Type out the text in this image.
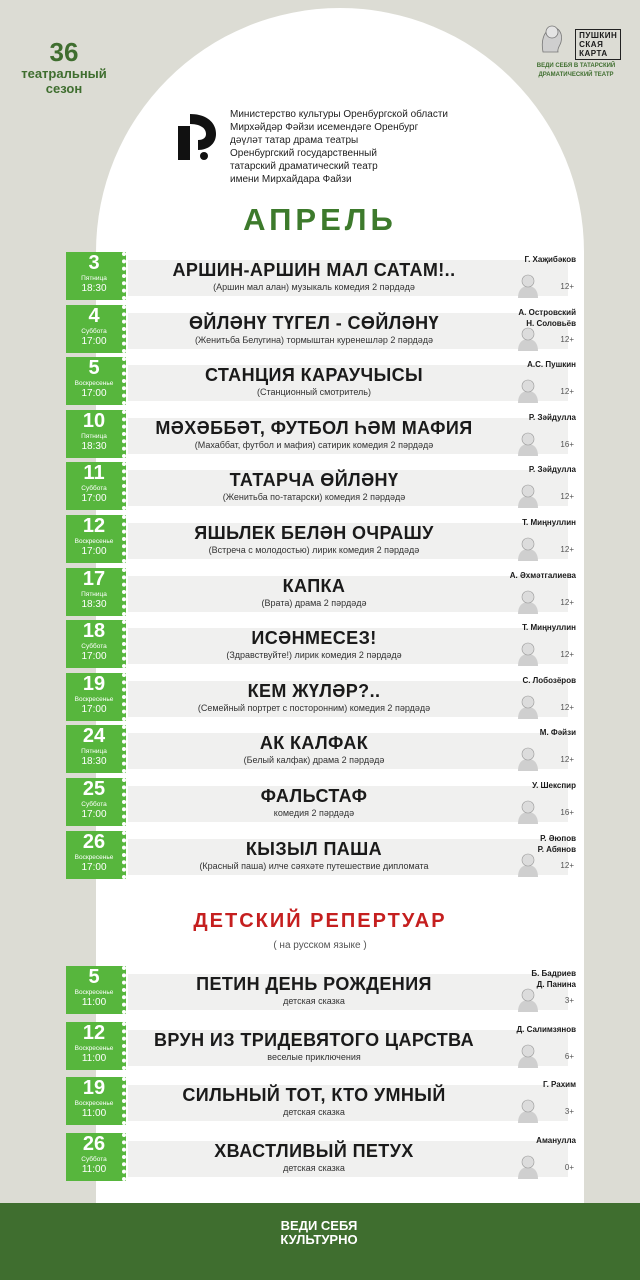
36
театральный
сезон

ПУШКИН
СКАЯ
КАРТА
ВЕДИ СЕБЯ В ТАТАРСКИЙ
ДРАМАТИЧЕСКИЙ ТЕАТР
Министерство культуры Оренбургской области
Мирхәйдәр Фәйзи исемендәге Оренбург
дәүләт татар драма театры
Оренбургский государственный
татарский драматический театр
имени Мирхайдара Файзи
АПРЕЛЬ
3
Пятница
18:30
АРШИН-АРШИН МАЛ САТАМ!..
(Аршин мал алан) музыкаль комедия 2 пәрдәдә
Г. Хаҗибәков
12+
4
Суббота
17:00
ӨЙЛӘНҮ ТҮГЕЛ - СӨЙЛӘНҮ
(Женитьба Белугина) тормыштан куренешләр 2 пәрдәдә
А. Островский
Н. Соловьёв
12+
5
Воскресенье
17:00
СТАНЦИЯ КАРАУЧЫСЫ
(Станционный смотритель)
А.С. Пушкин
12+
10
Пятница
18:30
МӘХӘББӘТ, ФУТБОЛ ҺӘМ МАФИЯ
(Махаббат, футбол и мафия) сатирик комедия 2 пәрдәдә
Р. Зәйдулла
16+
11
Суббота
17:00
ТАТАРЧА ӨЙЛӘНҮ
(Женитьба по-татарски) комедия 2 пәрдәдә
Р. Зәйдулла
12+
12
Воскресенье
17:00
ЯШЬЛЕК БЕЛӘН ОЧРАШУ
(Встреча с молодостью) лирик комедия 2 пәрдәдә
Т. Миңнуллин
12+
17
Пятница
18:30
КАПКА
(Врата) драма 2 пәрдәдә
А. Әхмәтгалиева
12+
18
Суббота
17:00
ИСӘНМЕСЕЗ!
(Здравствуйте!) лирик комедия 2 пәрдәдә
Т. Миңнуллин
12+
19
Воскресенье
17:00
КЕМ ЖҮЛӘР?..
(Семейный портрет с посторонним) комедия 2 пәрдәдә
С. Лобозёров
12+
24
Пятница
18:30
АК КАЛФАК
(Белый калфак) драма 2 пәрдәдә
М. Фәйзи
12+
25
Суббота
17:00
ФАЛЬСТАФ
комедия 2 пәрдәдә
У. Шекспир
16+
26
Воскресенье
17:00
КЫЗЫЛ ПАША
(Красный паша) илче сәяхәте путешествие дипломата
Р. Әюпов
Р. Абянов
12+
ДЕТСКИЙ РЕПЕРТУАР
( на русском языке )
5
Воскресенье
11:00
ПЕТИН ДЕНЬ РОЖДЕНИЯ
детская сказка
Б. Бадриев
Д. Панина
3+
12
Воскресенье
11:00
ВРУН ИЗ ТРИДЕВЯТОГО ЦАРСТВА
веселые приключения
Д. Салимзянов
6+
19
Воскресенье
11:00
СИЛЬНЫЙ ТОТ, КТО УМНЫЙ
детская сказка
Г. Рахим
3+
26
Суббота
11:00
ХВАСТЛИВЫЙ ПЕТУХ
детская сказка
Аманулла
0+
ВЕДИ СЕБЯ
КУЛЬТУРНО
